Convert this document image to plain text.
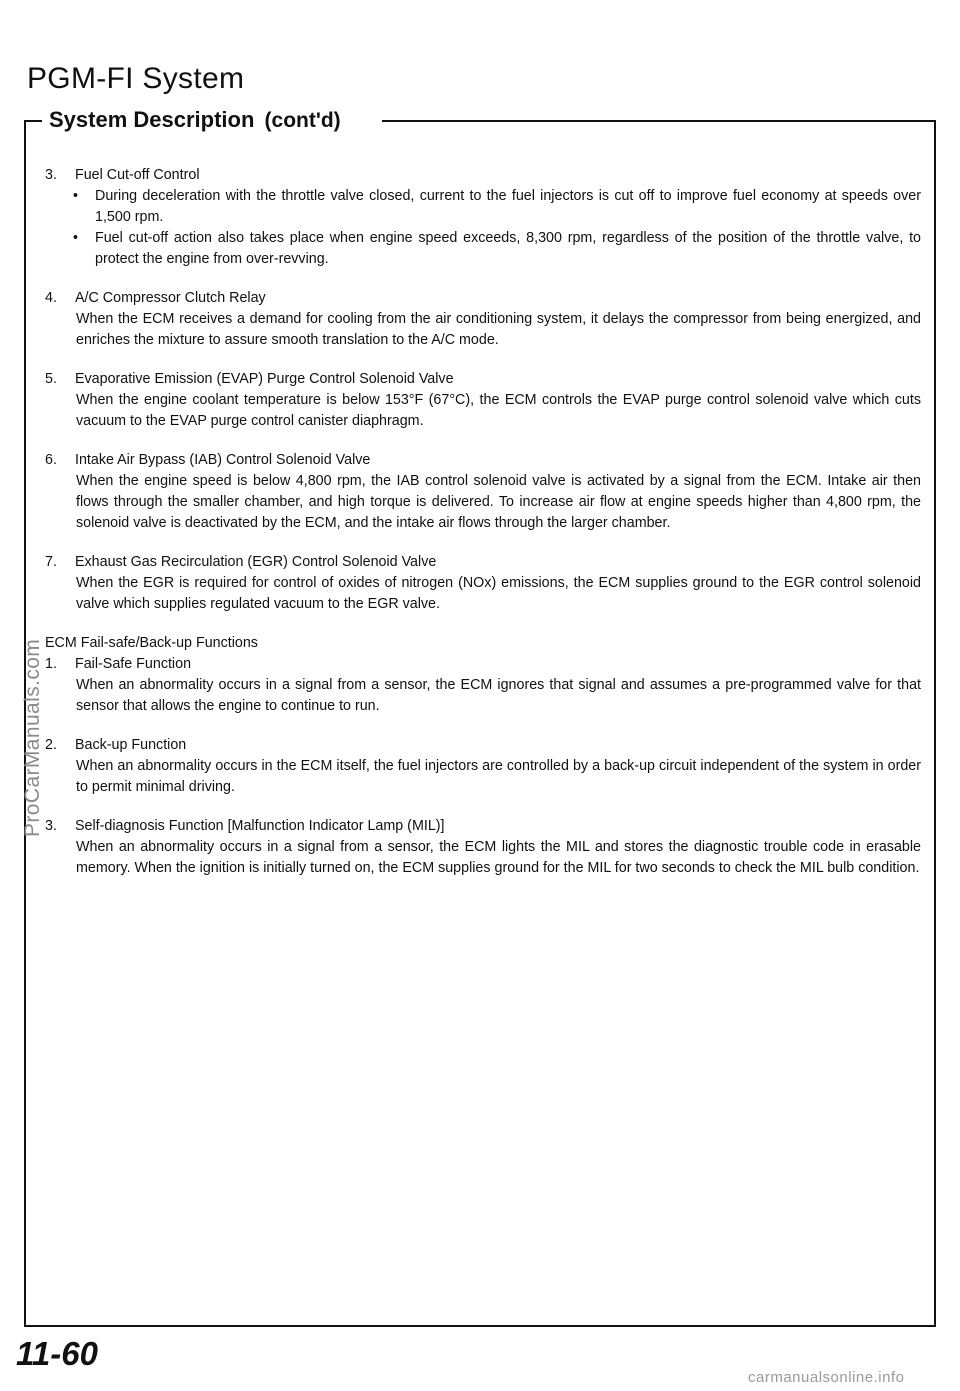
PGM-FI System
System Description (cont'd)

3. Fuel Cut-off Control

•	During deceleration with the throttle valve closed, current to the fuel injectors is cut off to improve fuel economy at speeds over 1,500 rpm.
•	Fuel cut-off action also takes place when engine speed exceeds, 8,300 rpm, regardless of the position of the throttle valve, to protect the engine from over-revving.

4. A/C Compressor Clutch Relay

When the ECM receives a demand for cooling from the air conditioning system, it delays the compressor from being energized, and enriches the mixture to assure smooth translation to the A/C mode.

5. Evaporative Emission (EVAP) Purge Control Solenoid Valve

When the engine coolant temperature is below 153°F (67°C), the ECM controls the EVAP purge control solenoid valve which cuts vacuum to the EVAP purge control canister diaphragm.

6. Intake Air Bypass (IAB) Control Solenoid Valve

When the engine speed is below 4,800 rpm, the IAB control solenoid valve is activated by a signal from the ECM. Intake air then flows through the smaller chamber, and high torque is delivered. To increase air flow at engine speeds higher than 4,800 rpm, the solenoid valve is deactivated by the ECM, and the intake air flows through the larger chamber.

7. Exhaust Gas Recirculation (EGR) Control Solenoid Valve

When the EGR is required for control of oxides of nitrogen (NOx) emissions, the ECM supplies ground to the EGR control solenoid valve which supplies regulated vacuum to the EGR valve.

ECM Fail-safe/Back-up Functions

1. Fail-Safe Function

When an abnormality occurs in a signal from a sensor, the ECM ignores that signal and assumes a pre-programmed valve for that sensor that allows the engine to continue to run.

2. Back-up Function

When an abnormality occurs in the ECM itself, the fuel injectors are controlled by a back-up circuit independent of the system in order to permit minimal driving.

3. Self-diagnosis Function [Malfunction Indicator Lamp (MIL)]

When an abnormality occurs in a signal from a sensor, the ECM lights the MIL and stores the diagnostic trouble code in erasable memory. When the ignition is initially turned on, the ECM supplies ground for the MIL for two seconds to check the MIL bulb condition.

ProCarManuals.com
11-60
carmanualsonline.info
